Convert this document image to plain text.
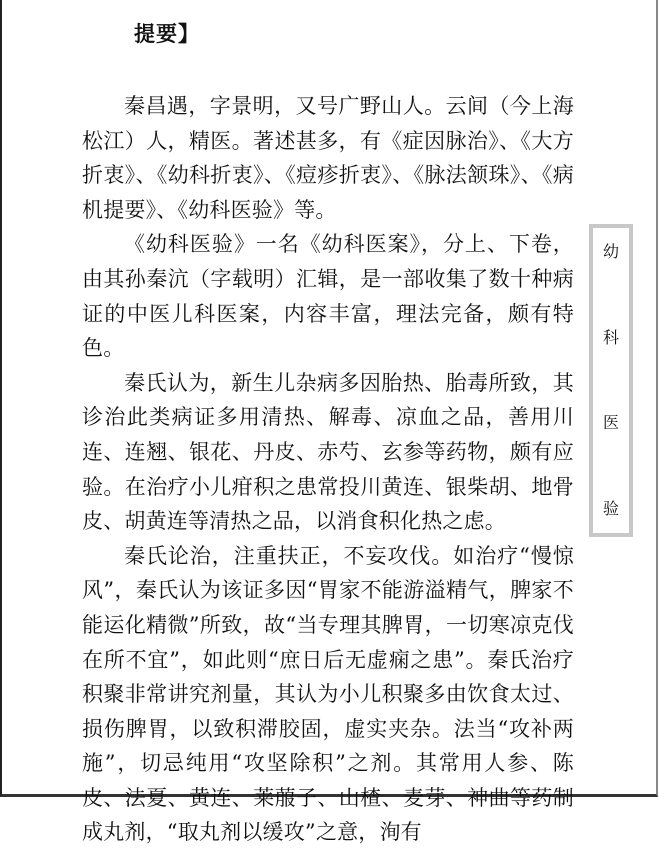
提要】

秦昌遇，字景明，又号广野山人。云间（今上海松江）人，精医。著述甚多，有《症因脉治》、《大方折衷》、《幼科折衷》、《痘疹折衷》、《脉法颔珠》、《病机提要》、《幼科医验》等。

《幼科医验》一名《幼科医案》，分上、下卷，由其孙秦沆（字载明）汇辑，是一部收集了数十种病证的中医儿科医案，内容丰富，理法完备，颇有特色。

秦氏认为，新生儿杂病多因胎热、胎毒所致，其诊治此类病证多用清热、解毒、凉血之品，善用川连、连翘、银花、丹皮、赤芍、玄参等药物，颇有应验。在治疗小儿疳积之患常投川黄连、银柴胡、地骨皮、胡黄连等清热之品，以消食积化热之虑。

秦氏论治，注重扶正，不妄攻伐。如治疗“慢惊风”，秦氏认为该证多因“胃家不能游溢精气，脾家不能运化精微”所致，故“当专理其脾胃，一切寒凉克伐在所不宜”，如此则“庶日后无虚痫之患”。秦氏治疗积聚非常讲究剂量，其认为小儿积聚多由饮食太过、损伤脾胃，以致积滞胶固，虚实夹杂。法当“攻补两施”，切忌纯用“攻坚除积”之剂。其常用人参、陈皮、法夏、黄连、莱菔子、山楂、麦芽、神曲等药制成丸剂，“取丸剂以缓攻”之意，洵有

幼
科
医
验
